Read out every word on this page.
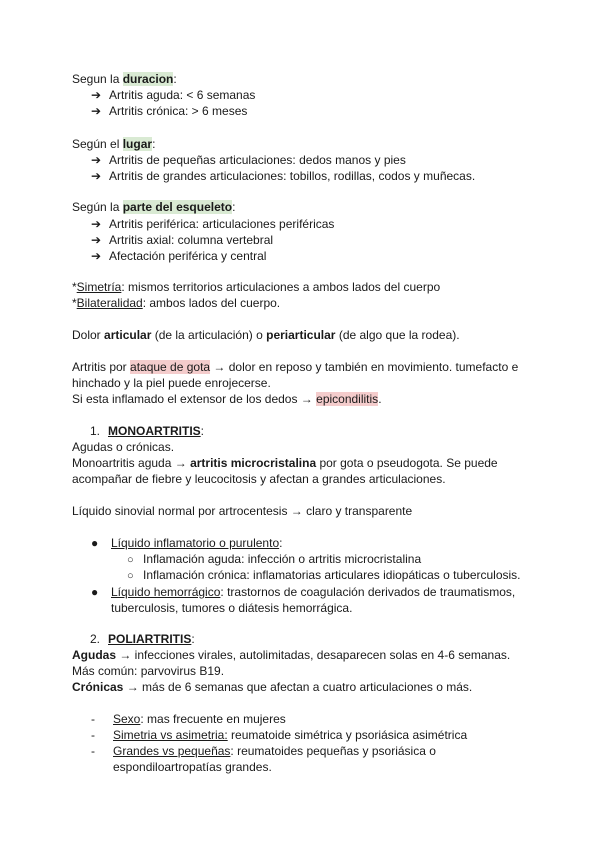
Segun la duracion:
➔ Artritis aguda: < 6 semanas
➔ Artritis crónica: > 6 meses
Según el lugar:
➔ Artritis de pequeñas articulaciones: dedos manos y pies
➔ Artritis de grandes articulaciones: tobillos, rodillas, codos y muñecas.
Según la parte del esqueleto:
➔ Artritis periférica: articulaciones periféricas
➔ Artritis axial: columna vertebral
➔ Afectación periférica y central
*Simetría: mismos territorios articulaciones a ambos lados del cuerpo
*Bilateralidad: ambos lados del cuerpo.
Dolor articular (de la articulación) o periarticular (de algo que la rodea).
Artritis por ataque de gota → dolor en reposo y también en movimiento. tumefacto e
hinchado y la piel puede enrojecerse.
Si esta inflamado el extensor de los dedos → epicondilitis.
1. MONOARTRITIS:
Agudas o crónicas.
Monoartritis aguda → artritis microcristalina por gota o pseudogota. Se puede
acompañar de fiebre y leucocitosis y afectan a grandes articulaciones.
Líquido sinovial normal por artrocentesis → claro y transparente
● Líquido inflamatorio o purulento:
○ Inflamación aguda: infección o artritis microcristalina
○ Inflamación crónica: inflamatorias articulares idiopáticas o tuberculosis.
● Líquido hemorrágico: trastornos de coagulación derivados de traumatismos,
tuberculosis, tumores o diátesis hemorrágica.
2. POLIARTRITIS:
Agudas → infecciones virales, autolimitadas, desaparecen solas en 4-6 semanas.
Más común: parvovirus B19.
Crónicas → más de 6 semanas que afectan a cuatro articulaciones o más.
- Sexo: mas frecuente en mujeres
- Simetria vs asimetria: reumatoide simétrica y psoriásica asimétrica
- Grandes vs pequeñas: reumatoides pequeñas y psoriásica o
espondiloartropatías grandes.
